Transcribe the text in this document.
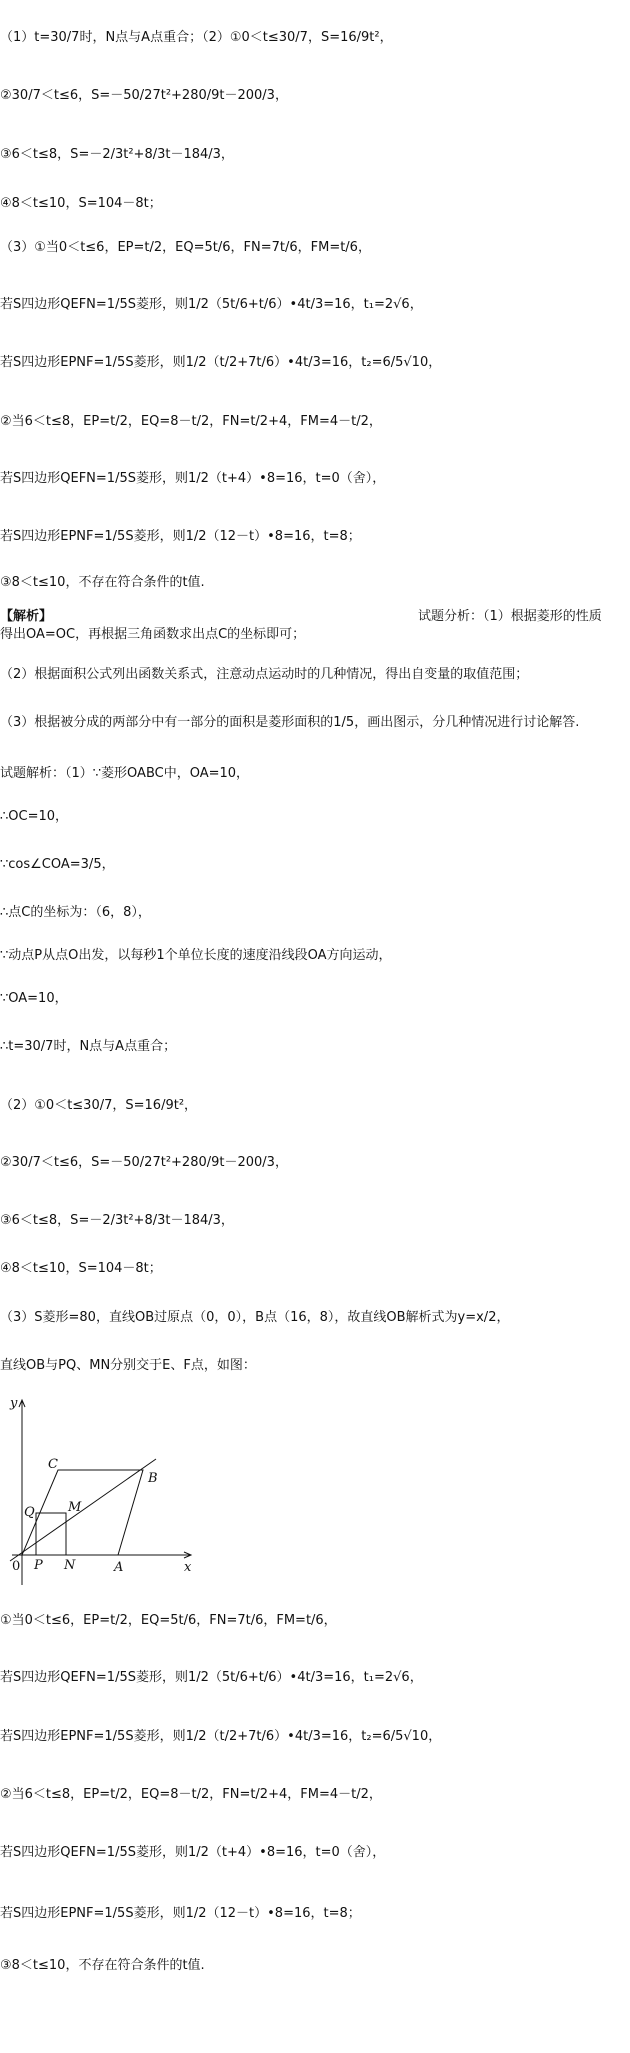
（1）t=30/7时，N点与A点重合；（2）①0＜t≤30/7，S=16/9t²，
②30/7＜t≤6，S=－50/27t²+280/9t－200/3，
③6＜t≤8，S=－2/3t²+8/3t－184/3，
④8＜t≤10，S=104－8t；
（3）①当0＜t≤6，EP=t/2，EQ=5t/6，FN=7t/6，FM=t/6，
若S四边形QEFN=1/5S菱形，则1/2（5t/6+t/6）•4t/3=16，t₁=2√6，
若S四边形EPNF=1/5S菱形，则1/2（t/2+7t/6）•4t/3=16，t₂=6/5√10，
②当6＜t≤8，EP=t/2，EQ=8－t/2，FN=t/2+4，FM=4－t/2，
若S四边形QEFN=1/5S菱形，则1/2（t+4）•8=16，t=0（舍），
若S四边形EPNF=1/5S菱形，则1/2（12－t）•8=16，t=8；
③8＜t≤10，不存在符合条件的t值.
【解析】	试题分析：（1）根据菱形的性质
得出OA=OC，再根据三角函数求出点C的坐标即可；
（2）根据面积公式列出函数关系式，注意动点运动时的几种情况，得出自变量的取值范围；
（3）根据被分成的两部分中有一部分的面积是菱形面积的1/5，画出图示，分几种情况进行讨论解答.
试题解析：（1）∵菱形OABC中，OA=10，
∴OC=10，
∵cos∠COA=3/5，
∴点C的坐标为：（6，8），
∵动点P从点O出发，以每秒1个单位长度的速度沿线段OA方向运动，
∵OA=10，
∴t=30/7时，N点与A点重合；
（2）①0＜t≤30/7，S=16/9t²，
②30/7＜t≤6，S=－50/27t²+280/9t－200/3，
③6＜t≤8，S=－2/3t²+8/3t－184/3，
④8＜t≤10，S=104－8t；
（3）S菱形=80，直线OB过原点（0，0），B点（16，8），故直线OB解析式为y=x/2，
直线OB与PQ、MN分别交于E、F点，如图：
y
x
0
C
B
M
Q
P N	A
①当0＜t≤6，EP=t/2，EQ=5t/6，FN=7t/6，FM=t/6，
若S四边形QEFN=1/5S菱形，则1/2（5t/6+t/6）•4t/3=16，t₁=2√6，
若S四边形EPNF=1/5S菱形，则1/2（t/2+7t/6）•4t/3=16，t₂=6/5√10，
②当6＜t≤8，EP=t/2，EQ=8－t/2，FN=t/2+4，FM=4－t/2，
若S四边形QEFN=1/5S菱形，则1/2（t+4）•8=16，t=0（舍），
若S四边形EPNF=1/5S菱形，则1/2（12－t）•8=16，t=8；
③8＜t≤10，不存在符合条件的t值.
